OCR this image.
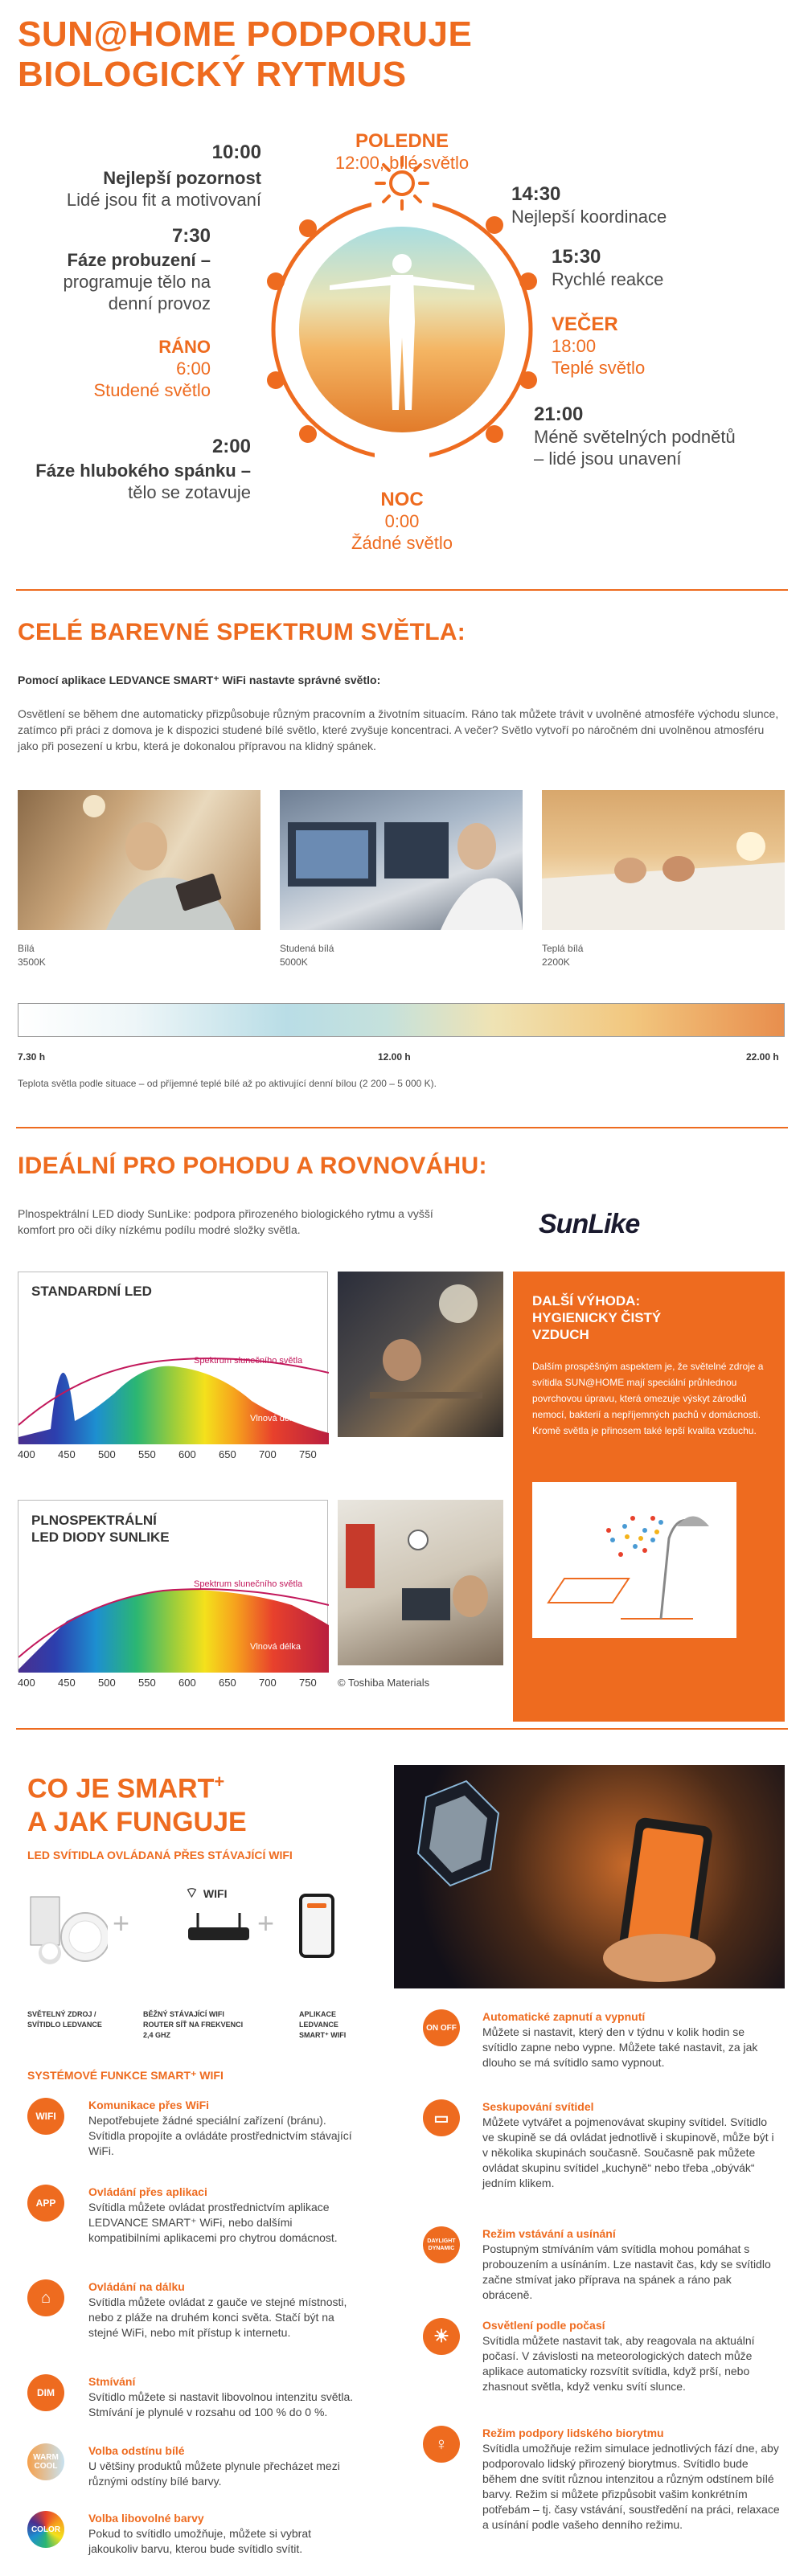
SUN@HOME PODPORUJE
BIOLOGICKÝ RYTMUS
POLEDNE
12:00, bílé světlo
10:00
Nejlepší pozornost
Lidé jsou fit a motivovaní
7:30
Fáze probuzení –
programuje tělo na
denní provoz
RÁNO
6:00
Studené světlo
2:00
Fáze hlubokého spánku –
tělo se zotavuje	NOC
0:00
Žádné světlo
14:30
Nejlepší koordinace
15:30
Rychlé reakce
VEČER
18:00
Teplé světlo
21:00
Méně světelných podnětů
– lidé jsou unavení
CELÉ BAREVNÉ SPEKTRUM SVĚTLA:
Pomocí aplikace LEDVANCE SMART⁺ WiFi nastavte správné světlo:
Osvětlení se během dne automaticky přizpůsobuje různým pracovním a životním situacím. Ráno tak můžete trávit v uvolněné atmosféře východu slunce, zatímco při práci z domova je k dispozici studené bílé světlo, které zvyšuje koncentraci. A večer? Světlo vytvoří po náročném dni uvolněnou atmosféru jako při posezení u krbu, která je dokonalou přípravou na klidný spánek.
Bílá
3500K
Studená bílá
5000K
Teplá bílá
2200K
7.30 h	12.00 h	22.00 h
Teplota světla podle situace – od příjemné teplé bílé až po aktivující denní bílou (2 200 – 5 000 K).
IDEÁLNÍ PRO POHODU A ROVNOVÁHU:
Plnospektrální LED diody SunLike: podpora přirozeného biologického rytmu a vyšší komfort pro oči díky nízkému podílu modré složky světla.	SunLike
STANDARDNÍ LED
Spektrum slunečního světla
Vlnová délka
400 450 500 550 600 650 700 750
PLNOSPEKTRÁLNÍ
LED DIODY SUNLIKE
Spektrum slunečního světla
Vlnová délka
400 450 500 550 600 650 700 750 © Toshiba Materials
DALŠÍ VÝHODA:
HYGIENICKY ČISTÝ
VZDUCH
Dalším prospěšným aspektem je, že světelné zdroje a svítidla SUN@HOME mají speciální průhlednou povrchovou úpravu, která omezuje výskyt zárodků nemocí, bakterií a nepříjemných pachů v domácnosti. Kromě světla je přinosem také lepší kvalita vzduchu.
CO JE SMART+
A JAK FUNGUJE
LED SVÍTIDLA OVLÁDANÁ PŘES STÁVAJÍCÍ WIFI
+
⌔ WIFI
+
SVĚTELNÝ ZDROJ / SVÍTIDLO LEDVANCE
BĚŽNÝ STÁVAJÍCÍ WIFI ROUTER SÍŤ NA FREKVENCI 2,4 GHZ
APLIKACE LEDVANCE SMART⁺ WIFI
SYSTÉMOVÉ FUNKCE SMART⁺ WIFI
WIFI
Komunikace přes WiFi
Nepotřebujete žádné speciální zařízení (bránu). Svítidla propojíte a ovládáte prostřednictvím stávající WiFi.
APP
Ovládání přes aplikaci
Svítidla můžete ovládat prostřednictvím aplikace LEDVANCE SMART⁺ WiFi, nebo dalšími kompatibilními aplikacemi pro chytrou domácnost.
⌂
Ovládání na dálku
Svítidla můžete ovládat z gauče ve stejné místnosti, nebo z pláže na druhém konci světa. Stačí být na stejné WiFi, nebo mít přístup k internetu.
DIM
Stmívání
Svítidlo můžete si nastavit libovolnou intenzitu světla. Stmívání je plynulé v rozsahu od 100 % do 0 %.
WARM COOL
Volba odstínu bílé
U většiny produktů můžete plynule přecházet mezi různými odstíny bílé barvy.
COLOR
Volba libovolné barvy
Pokud to svítidlo umožňuje, můžete si vybrat jakoukoliv barvu, kterou bude svítidlo svítit.
ON OFF
Automatické zapnutí a vypnutí
Můžete si nastavit, který den v týdnu v kolik hodin se svítidlo zapne nebo vypne. Můžete také nastavit, za jak dlouho se má svítidlo samo vypnout.
▭
Seskupování svítidel
Můžete vytvářet a pojmenovávat skupiny svítidel. Svítidlo ve skupině se dá ovládat jednotlivě i skupinově, může být i v několika skupinách současně. Současně pak můžete ovládat skupinu svítidel „kuchyně“ nebo třeba „obývák“ jedním klikem.
DAYLIGHT DYNAMIC
Režim vstávání a usínání
Postupným stmíváním vám svítidla mohou pomáhat s probouzením a usínáním. Lze nastavit čas, kdy se svítidlo začne stmívat jako příprava na spánek a ráno pak obráceně.
☀
Osvětlení podle počasí
Svítidla můžete nastavit tak, aby reagovala na aktuální počasí. V závislosti na meteorologických datech může aplikace automaticky rozsvítit svítidla, když prší, nebo zhasnout světla, když venku svítí slunce.
♀
Režim podpory lidského biorytmu
Svítidla umožňuje režim simulace jednotlivých fází dne, aby podporovalo lidský přirozený biorytmus. Svítidlo bude během dne svítit různou intenzitou a různým odstínem bílé barvy. Režim si můžete přizpůsobit vašim konkrétním potřebám – tj. časy vstávání, soustředění na práci, relaxace a usínání podle vašeho denního režimu.
